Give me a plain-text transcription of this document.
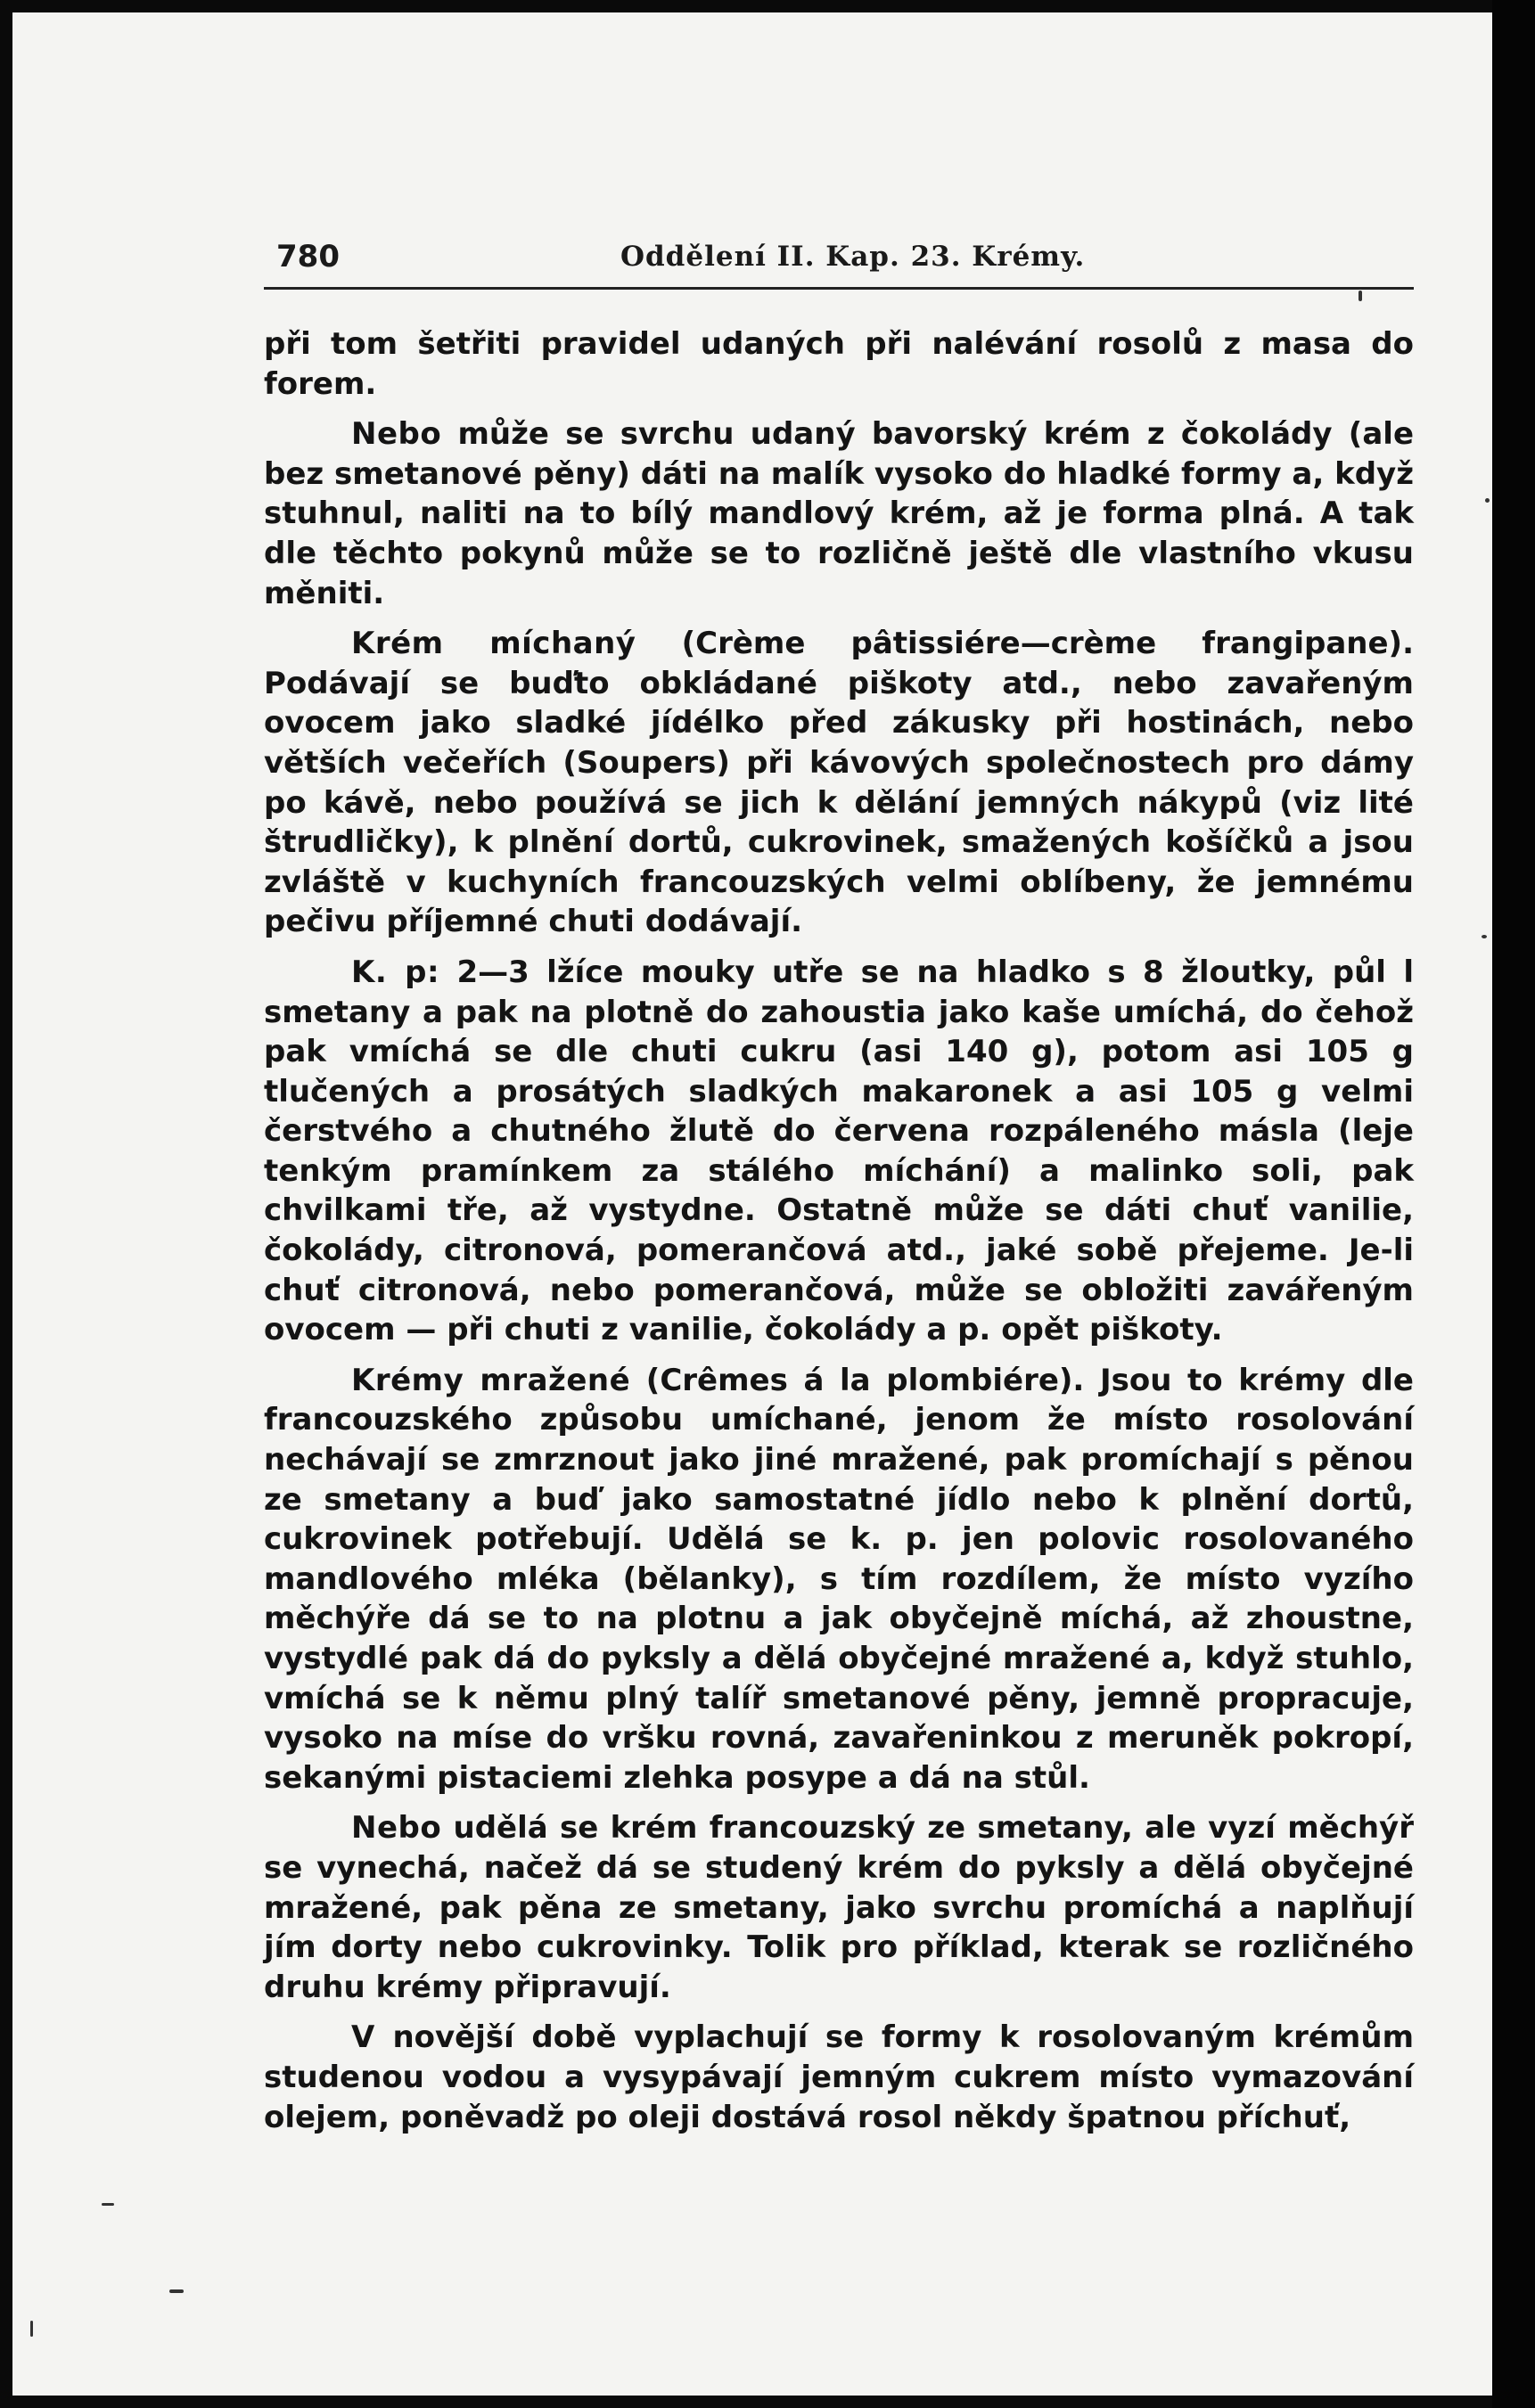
780	Oddělení II. Kap. 23. Krémy.

při tom šetřiti pravidel udaných při nalévání rosolů z masa do forem.

Nebo může se svrchu udaný bavorský krém z čokolády (ale bez smetanové pěny) dáti na malík vysoko do hladké formy a, když stuhnul, naliti na to bílý mandlový krém, až je forma plná. A tak dle těchto pokynů může se to rozličně ještě dle vlastního vkusu měniti.

Krém míchaný (Crème pâtissiére—crème frangipane). Podávají se buďto obkládané piškoty atd., nebo zavařeným ovocem jako sladké jídélko před zákusky při hostinách, nebo větších večeřích (Soupers) při kávových společnostech pro dámy po kávě, nebo používá se jich k dělání jemných nákypů (viz lité štrudličky), k plnění dortů, cukrovinek, smažených košíčků a jsou zvláště v kuchyních francouzských velmi oblíbeny, že jemnému pečivu příjemné chuti dodávají.

K. p: 2—3 lžíce mouky utře se na hladko s 8 žloutky, půl l smetany a pak na plotně do zahoustia jako kaše umíchá, do čehož pak vmíchá se dle chuti cukru (asi 140 g), potom asi 105 g tlučených a prosátých sladkých makaronek a asi 105 g velmi čerstvého a chutného žlutě do červena rozpáleného másla (leje tenkým pramínkem za stálého míchání) a malinko soli, pak chvilkami tře, až vystydne. Ostatně může se dáti chuť vanilie, čokolády, citronová, pomerančová atd., jaké sobě přejeme. Je-li chuť citronová, nebo pomerančová, může se obložiti zavářeným ovocem — při chuti z vanilie, čokolády a p. opět piškoty.

Krémy mražené (Crêmes á la plombiére). Jsou to krémy dle francouzského způsobu umíchané, jenom že místo rosolování nechávají se zmrznout jako jiné mražené, pak promíchají s pěnou ze smetany a buď jako samostatné jídlo nebo k plnění dortů, cukrovinek potřebují. Udělá se k. p. jen polovic rosolovaného mandlového mléka (bělanky), s tím rozdílem, že místo vyzího měchýře dá se to na plotnu a jak obyčejně míchá, až zhoustne, vystydlé pak dá do pyksly a dělá obyčejné mražené a, když stuhlo, vmíchá se k němu plný talíř smetanové pěny, jemně propracuje, vysoko na míse do vršku rovná, zavařeninkou z meruněk pokropí, sekanými pistaciemi zlehka posype a dá na stůl.

Nebo udělá se krém francouzský ze smetany, ale vyzí měchýř se vynechá, načež dá se studený krém do pyksly a dělá obyčejné mražené, pak pěna ze smetany, jako svrchu promíchá a naplňují jím dorty nebo cukrovinky. Tolik pro příklad, kterak se rozličného druhu krémy připravují.

V novější době vyplachují se formy k rosolovaným krémům studenou vodou a vysypávají jemným cukrem místo vymazování olejem, poněvadž po oleji dostává rosol někdy špatnou příchuť,
